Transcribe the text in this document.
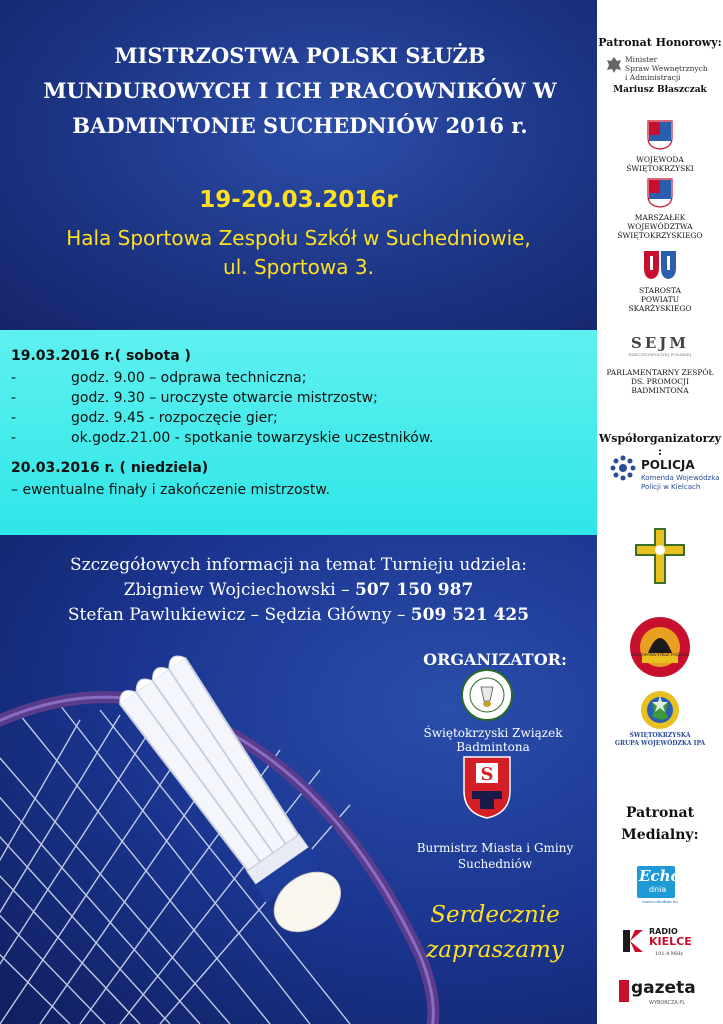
MISTRZOSTWA POLSKI SŁUŻB
MUNDUROWYCH I ICH PRACOWNIKÓW W
BADMINTONIE SUCHEDNIÓW 2016 r.
19-20.03.2016r
Hala Sportowa Zespołu Szkół w Suchedniowie,
ul. Sportowa 3.
19.03.2016 r.( sobota )
-	godz. 9.00 – odprawa techniczna;
-	godz. 9.30 – uroczyste otwarcie mistrzostw;
-	godz. 9.45 - rozpoczęcie gier;
-	ok.godz.21.00 - spotkanie towarzyskie uczestników.
20.03.2016 r. ( niedziela)
– ewentualne finały i zakończenie mistrzostw.
Szczegółowych informacji na temat Turnieju udziela:
Zbigniew Wojciechowski – 507 150 987
Stefan Pawlukiewicz – Sędzia Główny – 509 521 425
ORGANIZATOR:
Świętokrzyski Związek Badmintona
S
Burmistrz Miasta i Gminy
Suchedniów
Serdecznie
zapraszamy
Patronat Honorowy:
Minister
Spraw Wewnętrznych
i Administracji
Mariusz Błaszczak
WOJEWODA
ŚWIĘTOKRZYSKI
MARSZAŁEK
WOJEWÓDZTWA
ŚWIĘTOKRZYSKIEGO
STAROSTA
POWIATU
SKARŻYSKIEGO
SEJM
RZECZPOSPOLITEJ POLSKIEJ
PARLAMENTARNY ZESPÓŁ
DS. PROMOCJI
BADMINTONA
Współorganizatorzy :
POLICJA
Komenda Wojewódzka
Policji w Kielcach
PAŃSTWOWA STRAŻ POŻARNA
ŚWIĘTOKRZYSKA
GRUPA WOJEWÓDZKA IPA
Patronat
Medialny:
Echo
dnia
www.echodnia.eu
RADIO
KIELCE
101,4 MHz
gazeta
WYBORCZA.PL
